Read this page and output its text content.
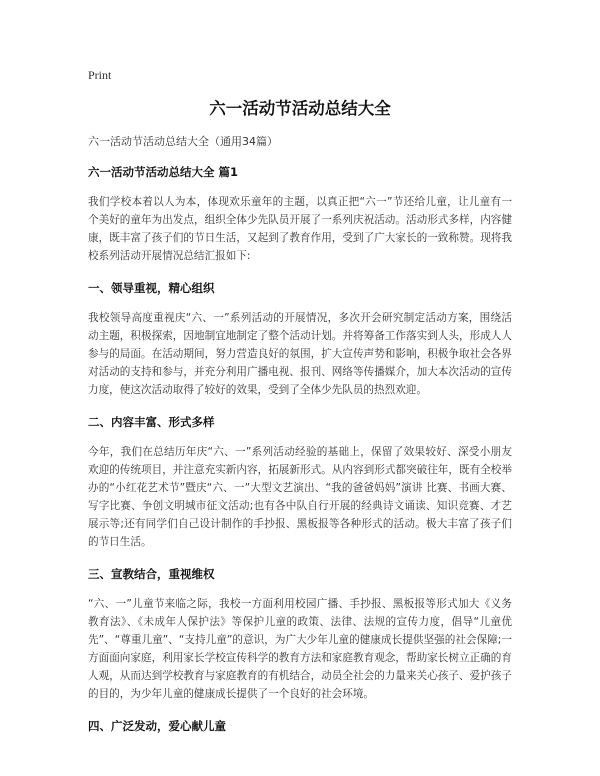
Print
六一活动节活动总结大全
六一活动节活动总结大全（通用34篇）
六一活动节活动总结大全 篇1

我们学校本着以人为本，体现欢乐童年的主题，以真正把“六一”节还给儿童，让儿童有一个美好的童年为出发点，组织全体少先队员开展了一系列庆祝活动。活动形式多样，内容健康，既丰富了孩子们的节日生活，又起到了教育作用，受到了广大家长的一致称赞。现将我校系列活动开展情况总结汇报如下:

一、领导重视，精心组织

我校领导高度重视庆“六、一”系列活动的开展情况，多次开会研究制定活动方案，围绕活动主题，积极探索，因地制宜地制定了整个活动计划。并将筹备工作落实到人头，形成人人参与的局面。在活动期间，努力营造良好的氛围，扩大宣传声势和影响，积极争取社会各界对活动的支持和参与，并充分利用广播电视、报刊、网络等传播媒介，加大本次活动的宣传力度，使这次活动取得了较好的效果，受到了全体少先队员的热烈欢迎。

二、内容丰富、形式多样

今年，我们在总结历年庆“六、一”系列活动经验的基础上，保留了效果较好、深受小朋友欢迎的传统项目，并注意充实新内容，拓展新形式。从内容到形式都突破往年，既有全校举办的“小红花艺术节”暨庆“六、一”大型文艺演出、“我的爸爸妈妈”演讲 比赛、书画大赛、写字比赛、争创文明城市征文活动;也有各中队自行开展的经典诗文诵读、知识竞赛、才艺展示等;还有同学们自己设计制作的手抄报、黑板报等各种形式的活动。极大丰富了孩子们的节日生活。

三、宣教结合，重视维权

“六、一”儿童节来临之际，我校一方面利用校园广播、手抄报、黑板报等形式加大《义务教育法》、《未成年人保护法》等保护儿童的政策、法律、法规的宣传力度，倡导“儿童优先”、“尊重儿童”、“支持儿童”的意识，为广大少年儿童的健康成长提供坚强的社会保障;一方面面向家庭，利用家长学校宣传科学的教育方法和家庭教育观念，帮助家长树立正确的育人观，从而达到学校教育与家庭教育的有机结合，动员全社会的力量来关心孩子、爱护孩子的目的，为少年儿童的健康成长提供了一个良好的社会环境。

四、广泛发动，爱心献儿童
